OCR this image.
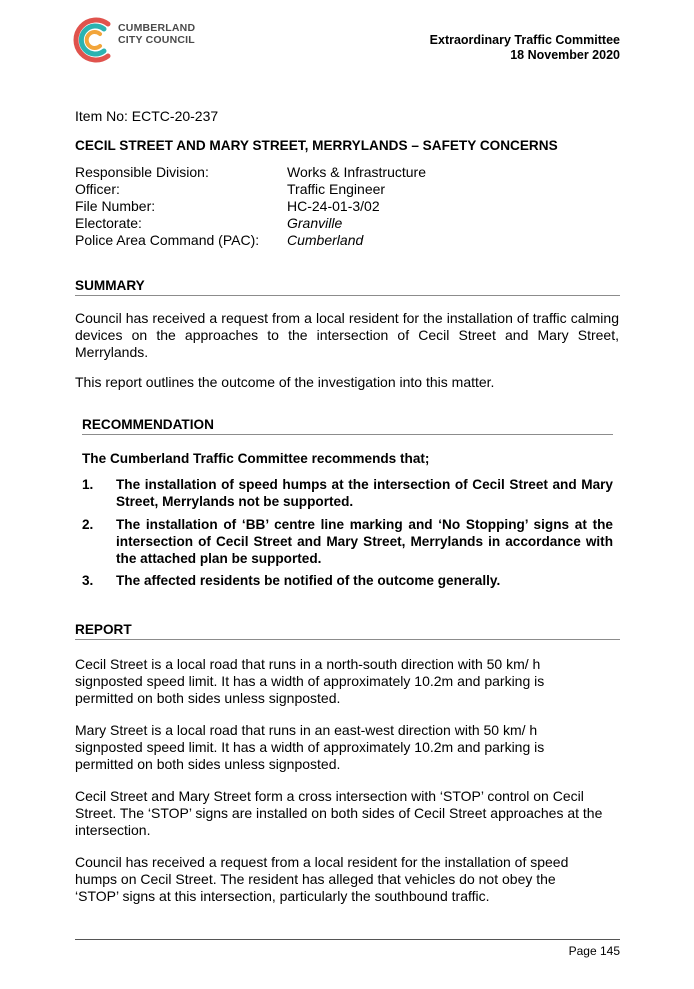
CUMBERLAND
CITY COUNCIL	Extraordinary Traffic Committee
18 November 2020
Item No: ECTC-20-237
CECIL STREET AND MARY STREET, MERRYLANDS – SAFETY CONCERNS
Responsible Division:	Works & Infrastructure
Officer:	Traffic Engineer
File Number:	HC-24-01-3/02
Electorate:	Granville
Police Area Command (PAC):	Cumberland
SUMMARY
Council has received a request from a local resident for the installation of traffic calming devices on the approaches to the intersection of Cecil Street and Mary Street, Merrylands.
This report outlines the outcome of the investigation into this matter.
RECOMMENDATION
The Cumberland Traffic Committee recommends that;
1.	The installation of speed humps at the intersection of Cecil Street and Mary Street, Merrylands not be supported.
2.	The installation of ‘BB’ centre line marking and ‘No Stopping’ signs at the intersection of Cecil Street and Mary Street, Merrylands in accordance with the attached plan be supported.
3.	The affected residents be notified of the outcome generally.
REPORT
Cecil Street is a local road that runs in a north-south direction with 50 km/ h signposted speed limit. It has a width of approximately 10.2m and parking is permitted on both sides unless signposted.
Mary Street is a local road that runs in an east-west direction with 50 km/ h signposted speed limit. It has a width of approximately 10.2m and parking is permitted on both sides unless signposted.
Cecil Street and Mary Street form a cross intersection with ‘STOP’ control on Cecil Street. The ‘STOP’ signs are installed on both sides of Cecil Street approaches at the intersection.
Council has received a request from a local resident for the installation of speed humps on Cecil Street. The resident has alleged that vehicles do not obey the ‘STOP’ signs at this intersection, particularly the southbound traffic.
Page 145
